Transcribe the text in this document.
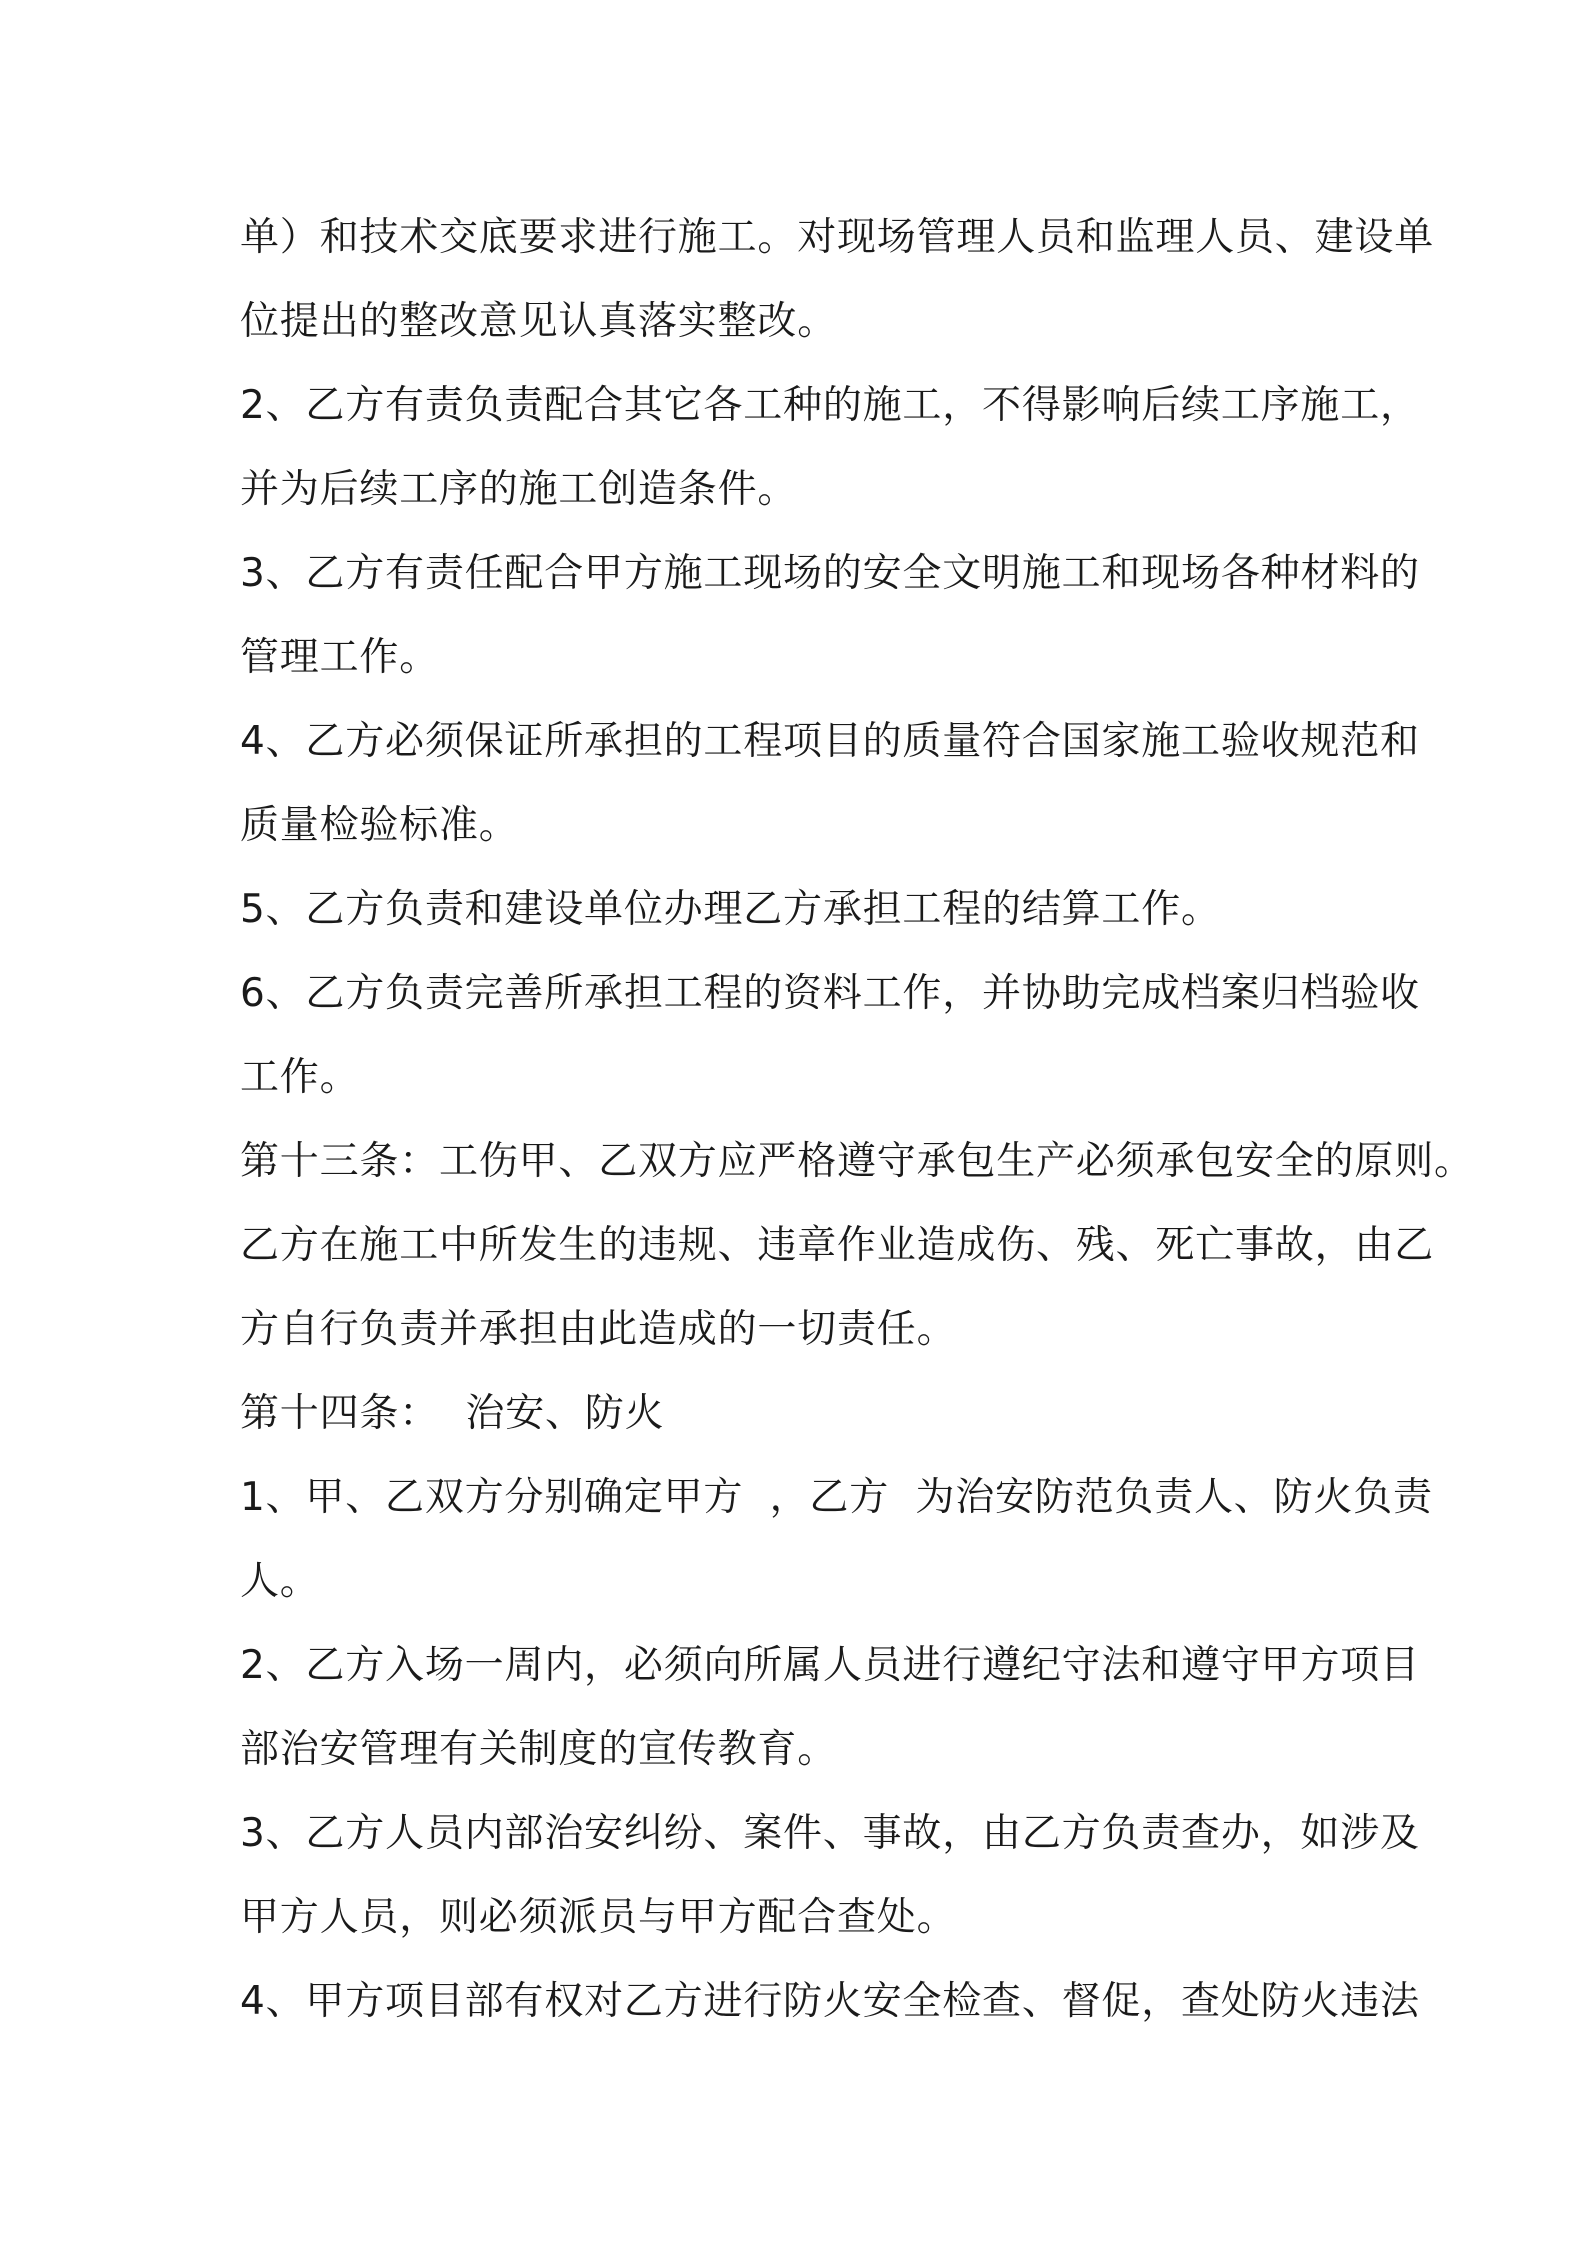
单）和技术交底要求进行施工。对现场管理人员和监理人员、建设单
位提出的整改意见认真落实整改。
2、乙方有责负责配合其它各工种的施工，不得影响后续工序施工，
并为后续工序的施工创造条件。
3、乙方有责任配合甲方施工现场的安全文明施工和现场各种材料的
管理工作。
4、乙方必须保证所承担的工程项目的质量符合国家施工验收规范和
质量检验标准。
5、乙方负责和建设单位办理乙方承担工程的结算工作。
6、乙方负责完善所承担工程的资料工作，并协助完成档案归档验收
工作。
第十三条：工伤甲、乙双方应严格遵守承包生产必须承包安全的原则。
乙方在施工中所发生的违规、违章作业造成伤、残、死亡事故，由乙
方自行负责并承担由此造成的一切责任。
第十四条：  治安、防火
1、甲、乙双方分别确定甲方  ，乙方  为治安防范负责人、防火负责
人。
2、乙方入场一周内，必须向所属人员进行遵纪守法和遵守甲方项目
部治安管理有关制度的宣传教育。
3、乙方人员内部治安纠纷、案件、事故，由乙方负责查办，如涉及
甲方人员，则必须派员与甲方配合查处。
4、甲方项目部有权对乙方进行防火安全检查、督促，查处防火违法
